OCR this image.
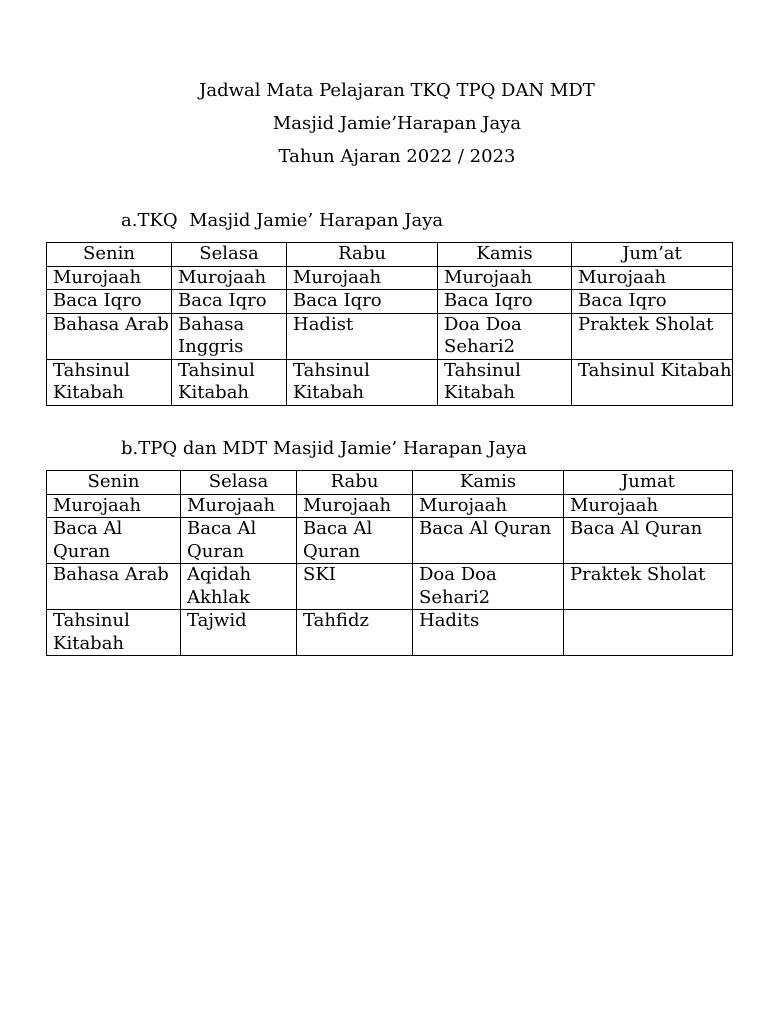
Jadwal Mata Pelajaran TKQ TPQ DAN MDT
Masjid Jamie’Harapan Jaya
Tahun Ajaran 2022 / 2023
a.TKQ  Masjid Jamie’ Harapan Jaya
Senin	Selasa	Rabu	Kamis	Jum’at
Murojaah	Murojaah	Murojaah	Murojaah	Murojaah
Baca Iqro	Baca Iqro	Baca Iqro	Baca Iqro	Baca Iqro
Bahasa Arab	Bahasa Inggris	Hadist	Doa Doa Sehari2	Praktek Sholat
Tahsinul Kitabah	Tahsinul Kitabah	Tahsinul Kitabah	Tahsinul Kitabah	Tahsinul Kitabah
b.TPQ dan MDT Masjid Jamie’ Harapan Jaya
Senin	Selasa	Rabu	Kamis	Jumat
Murojaah	Murojaah	Murojaah	Murojaah	Murojaah
Baca Al Quran	Baca Al Quran	Baca Al Quran	Baca Al Quran	Baca Al Quran
Bahasa Arab	Aqidah Akhlak	SKI	Doa Doa Sehari2	Praktek Sholat
Tahsinul Kitabah	Tajwid	Tahfidz	Hadits	
